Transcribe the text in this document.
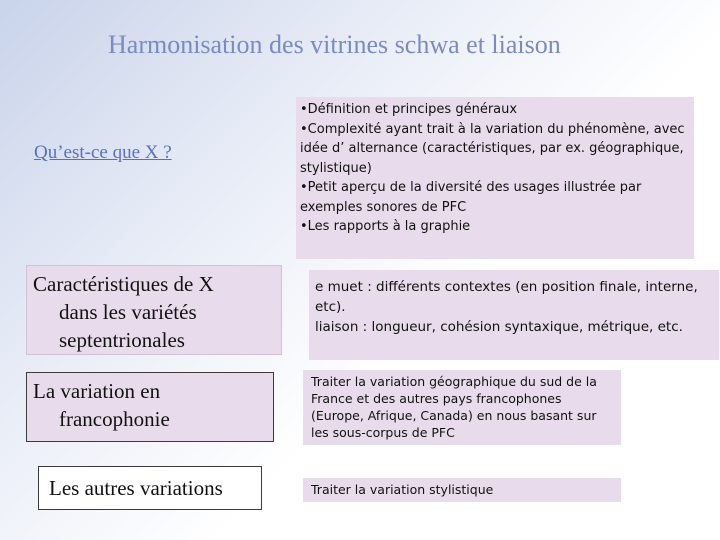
Harmonisation des vitrines schwa et liaison
Qu’est-ce que X ?
•Définition et principes généraux
•Complexité ayant trait à la variation du phénomène, avec idée d’ alternance (caractéristiques, par ex. géographique, stylistique)
•Petit aperçu de la diversité des usages illustrée par exemples sonores de PFC
•Les rapports à la graphie
Caractéristiques de X
dans les variétés
septentrionales
e muet : différents contextes (en position finale, interne, etc).
liaison : longueur, cohésion syntaxique, métrique, etc.
La variation en
francophonie
Traiter la variation géographique du sud de la France et des autres pays francophones (Europe, Afrique, Canada) en nous basant sur les sous-corpus de PFC
Les autres variations	Traiter la variation stylistique
